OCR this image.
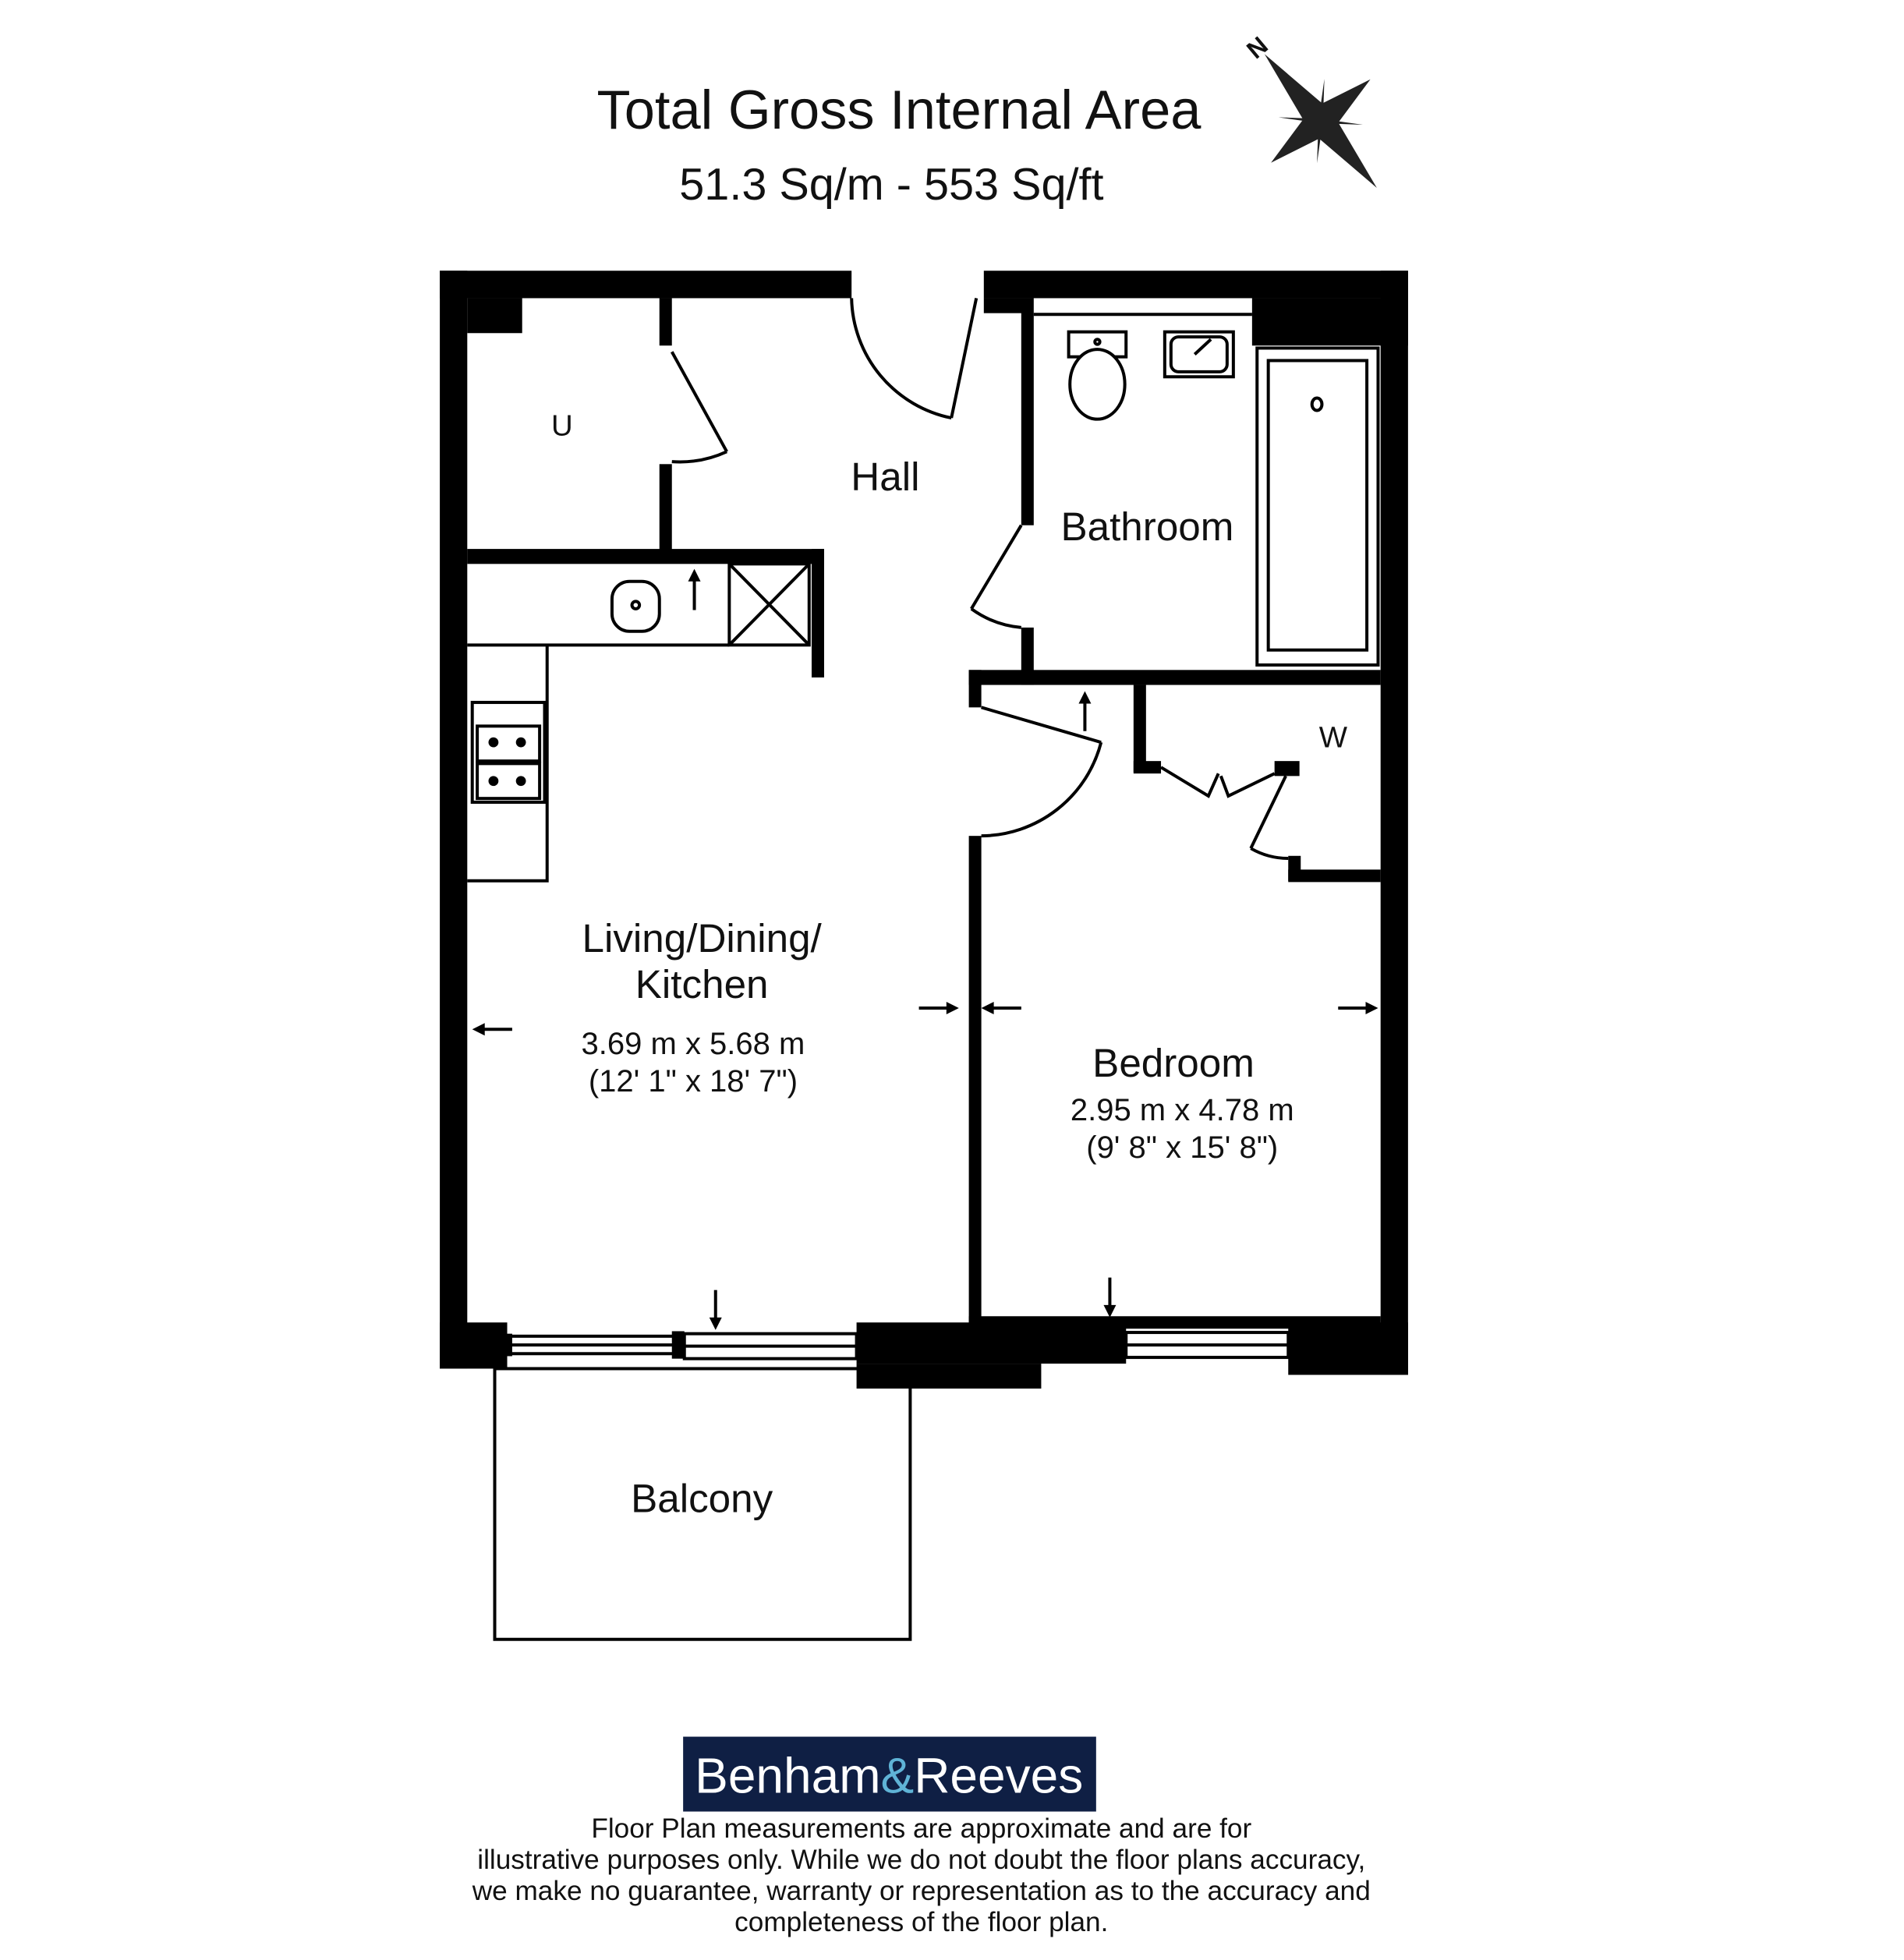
Total Gross Internal Area
51.3 Sq/m - 553 Sq/ft
N
U
Hall
Bathroom
W
Living/Dining/
Kitchen
3.69 m x 5.68 m
(12' 1" x 18' 7")	Bedroom
2.95 m x 4.78 m
(9' 8" x 15' 8")
Balcony
Benham&Reeves
Floor Plan measurements are approximate and are for
illustrative purposes only. While we do not doubt the floor plans accuracy,
we make no guarantee, warranty or representation as to the accuracy and
completeness of the floor plan.
